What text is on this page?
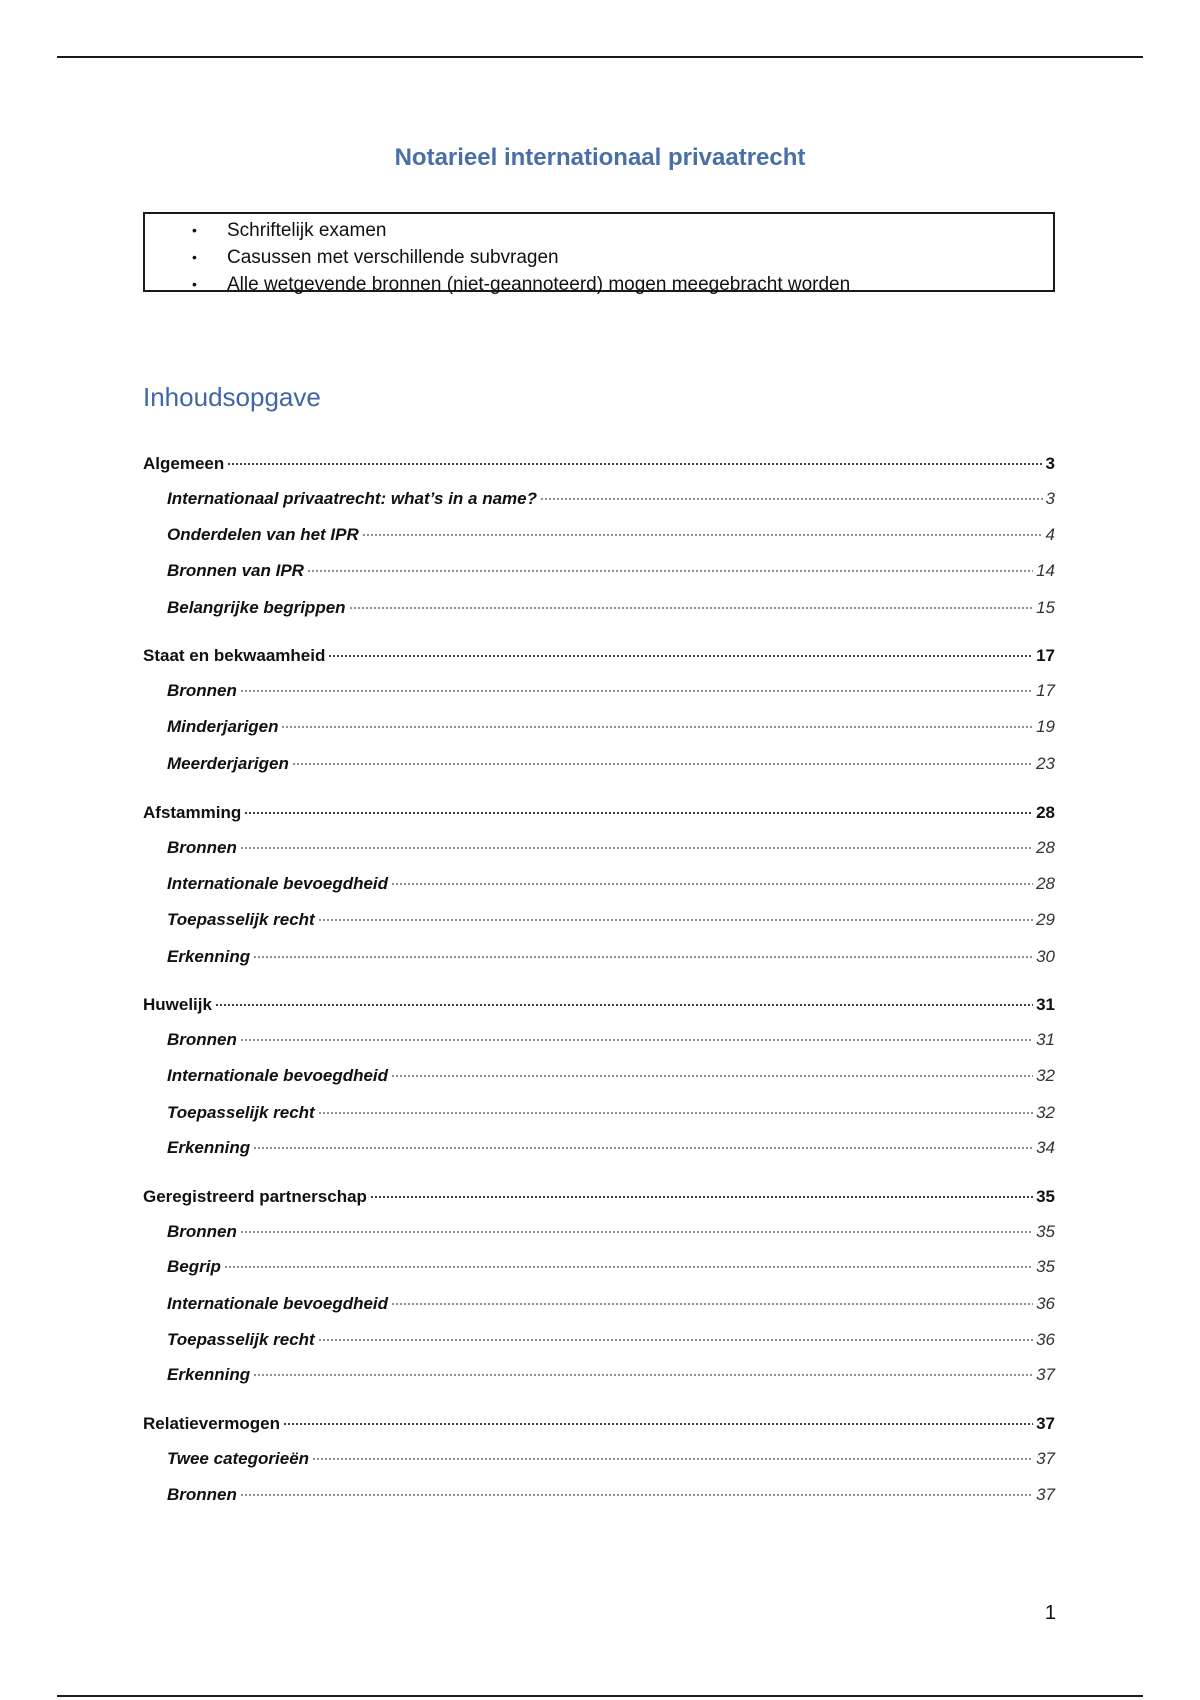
Notarieel internationaal privaatrecht
• Schriftelijk examen
• Casussen met verschillende subvragen
• Alle wetgevende bronnen (niet-geannoteerd) mogen meegebracht worden
Inhoudsopgave
Algemeen	3
Internationaal privaatrecht: what’s in a name?	3
Onderdelen van het IPR	4
Bronnen van IPR	14
Belangrijke begrippen	15
Staat en bekwaamheid	17
Bronnen	17
Minderjarigen	19
Meerderjarigen	23
Afstamming	28
Bronnen	28
Internationale bevoegdheid	28
Toepasselijk recht	29
Erkenning	30
Huwelijk	31
Bronnen	31
Internationale bevoegdheid	32
Toepasselijk recht	32
Erkenning	34
Geregistreerd partnerschap	35
Bronnen	35
Begrip	35
Internationale bevoegdheid	36
Toepasselijk recht	36
Erkenning	37
Relatievermogen	37
Twee categorieën	37
Bronnen	37
1
